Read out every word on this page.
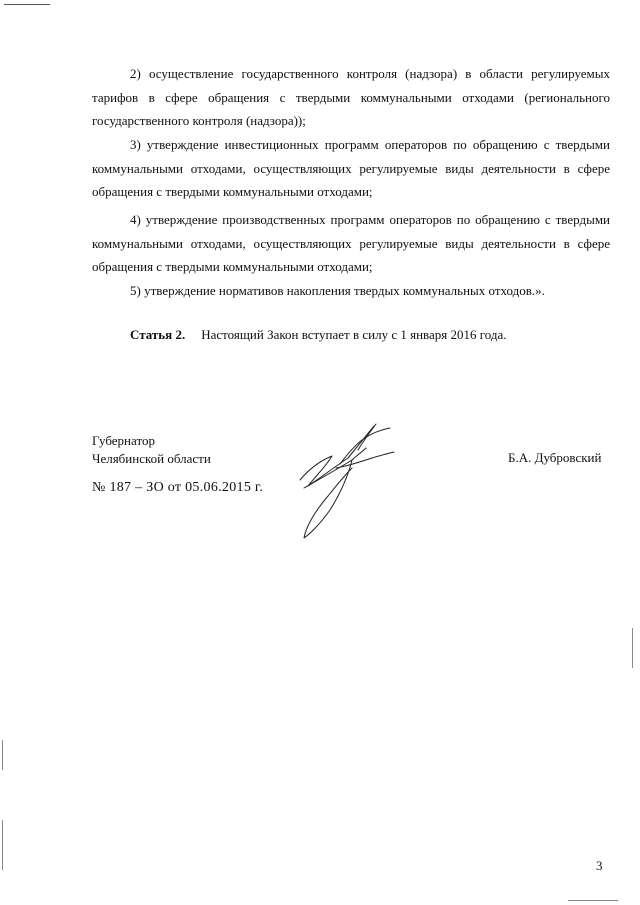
2) осуществление государственного контроля (надзора) в области регулируемых тарифов в сфере обращения с твердыми коммунальными отходами (регионального государственного контроля (надзора));
3) утверждение инвестиционных программ операторов по обращению с твердыми коммунальными отходами, осуществляющих регулируемые виды деятельности в сфере обращения с твердыми коммунальными отходами;
4) утверждение производственных программ операторов по обращению с твердыми коммунальными отходами, осуществляющих регулируемые виды деятельности в сфере обращения с твердыми коммунальными отходами;
5) утверждение нормативов накопления твердых коммунальных отходов.».
Статья 2. Настоящий Закон вступает в силу с 1 января 2016 года.
Губернатор
Челябинской области	Б.А. Дубровский
№ 187 – ЗО от 05.06.2015 г.
3
